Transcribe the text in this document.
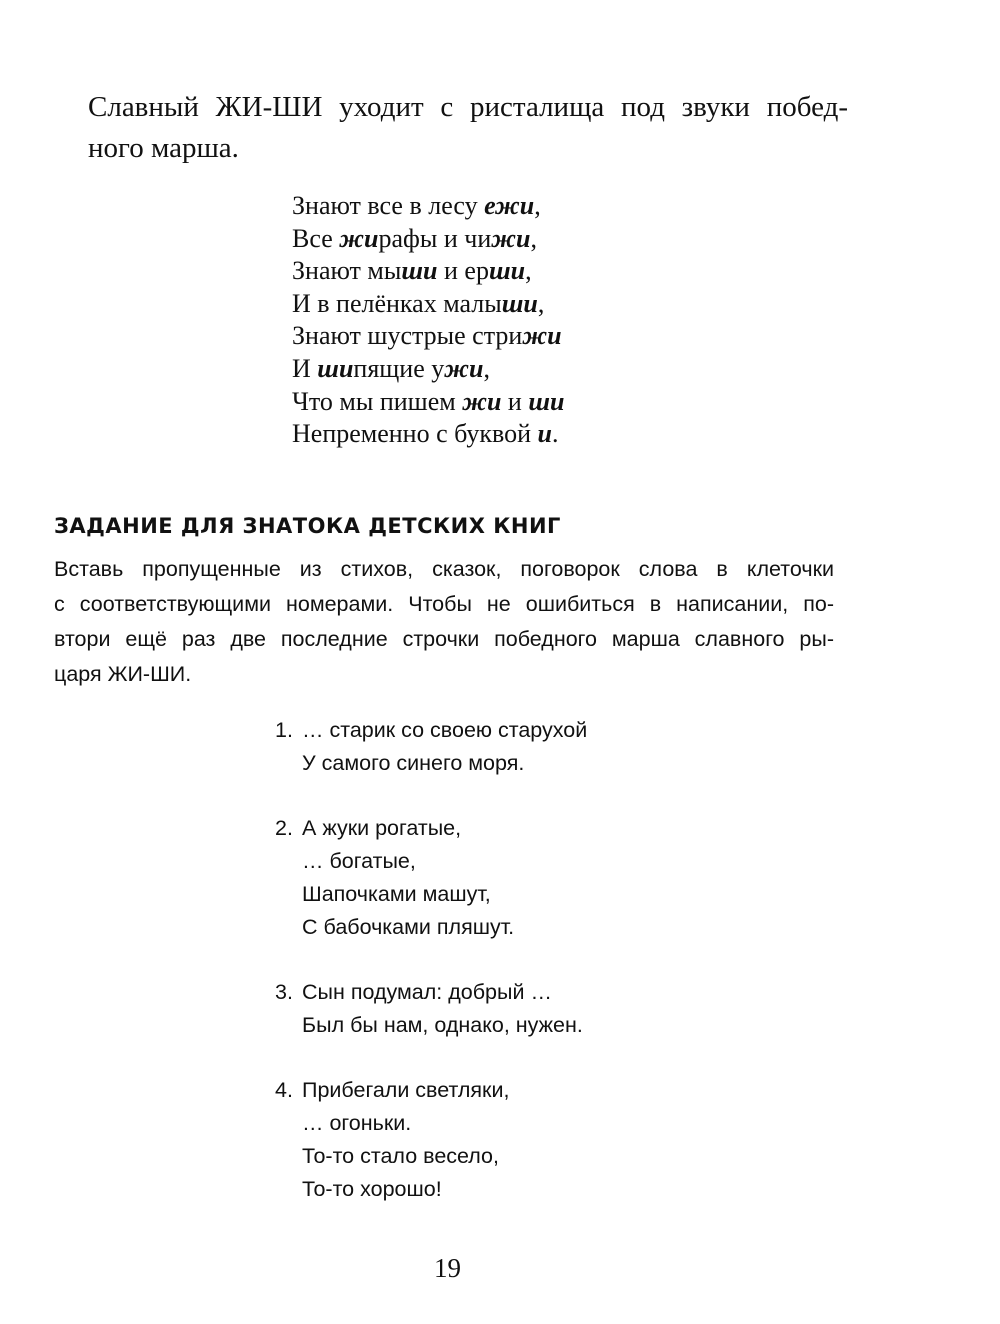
Славный ЖИ-ШИ уходит с ристалища под звуки побед-
ного марша.
Знают все в лесу ежи,
Все жирафы и чижи,
Знают мыши и ерши,
И в пелёнках малыши,
Знают шустрые стрижи
И шипящие ужи,
Что мы пишем жи и ши
Непременно с буквой и.
ЗАДАНИЕ ДЛЯ ЗНАТОКА ДЕТСКИХ КНИГ
Вставь пропущенные из стихов, сказок, поговорок слова в клеточки
с соответствующими номерами. Чтобы не ошибиться в написании, по-
втори ещё раз две последние строчки победного марша славного ры-
царя ЖИ-ШИ.
1. … старик со своею старухой
У самого синего моря.
2. А жуки рогатые,
… богатые,
Шапочками машут,
С бабочками пляшут.
3. Сын подумал: добрый …
Был бы нам, однако, нужен.
4. Прибегали светляки,
… огоньки.
То-то стало весело,
То-то хорошо!
19
